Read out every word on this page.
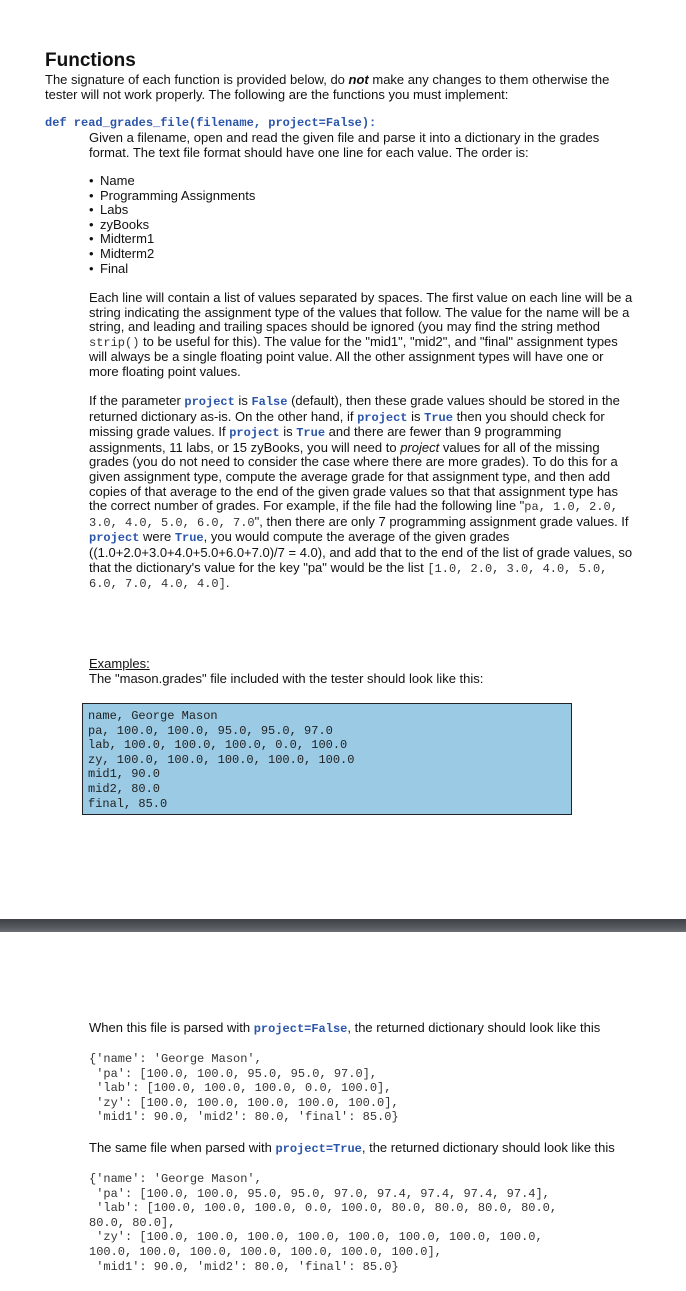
Functions

The signature of each function is provided below, do not make any changes to them otherwise the tester will not work properly. The following are the functions you must implement:

def read_grades_file(filename, project=False):

Given a filename, open and read the given file and parse it into a dictionary in the grades format. The text file format should have one line for each value. The order is:

• Name
• Programming Assignments
• Labs
• zyBooks
• Midterm1
• Midterm2
• Final

Each line will contain a list of values separated by spaces. The first value on each line will be a string indicating the assignment type of the values that follow. The value for the name will be a string, and leading and trailing spaces should be ignored (you may find the string method strip() to be useful for this). The value for the "mid1", "mid2", and "final" assignment types will always be a single floating point value. All the other assignment types will have one or more floating point values.

If the parameter project is False (default), then these grade values should be stored in the returned dictionary as-is. On the other hand, if project is True then you should check for missing grade values. If project is True and there are fewer than 9 programming assignments, 11 labs, or 15 zyBooks, you will need to project values for all of the missing grades (you do not need to consider the case where there are more grades). To do this for a given assignment type, compute the average grade for that assignment type, and then add copies of that average to the end of the given grade values so that that assignment type has the correct number of grades. For example, if the file had the following line "pa, 1.0, 2.0, 3.0, 4.0, 5.0, 6.0, 7.0", then there are only 7 programming assignment grade values. If project were True, you would compute the average of the given grades ((1.0+2.0+3.0+4.0+5.0+6.0+7.0)/7 = 4.0), and add that to the end of the list of grade values, so that the dictionary's value for the key "pa" would be the list [1.0, 2.0, 3.0, 4.0, 5.0, 6.0, 7.0, 4.0, 4.0].

Examples:

The "mason.grades" file included with the tester should look like this:

name, George Mason
pa, 100.0, 100.0, 95.0, 95.0, 97.0
lab, 100.0, 100.0, 100.0, 0.0, 100.0
zy, 100.0, 100.0, 100.0, 100.0, 100.0
mid1, 90.0
mid2, 80.0
final, 85.0

When this file is parsed with project=False, the returned dictionary should look like this

{'name': 'George Mason',
'pa': [100.0, 100.0, 95.0, 95.0, 97.0],
'lab': [100.0, 100.0, 100.0, 0.0, 100.0],
'zy': [100.0, 100.0, 100.0, 100.0, 100.0],
'mid1': 90.0, 'mid2': 80.0, 'final': 85.0}

The same file when parsed with project=True, the returned dictionary should look like this

{'name': 'George Mason',
'pa': [100.0, 100.0, 95.0, 95.0, 97.0, 97.4, 97.4, 97.4, 97.4],
'lab': [100.0, 100.0, 100.0, 0.0, 100.0, 80.0, 80.0, 80.0, 80.0,
80.0, 80.0],
'zy': [100.0, 100.0, 100.0, 100.0, 100.0, 100.0, 100.0, 100.0,
100.0, 100.0, 100.0, 100.0, 100.0, 100.0, 100.0],
'mid1': 90.0, 'mid2': 80.0, 'final': 85.0}
